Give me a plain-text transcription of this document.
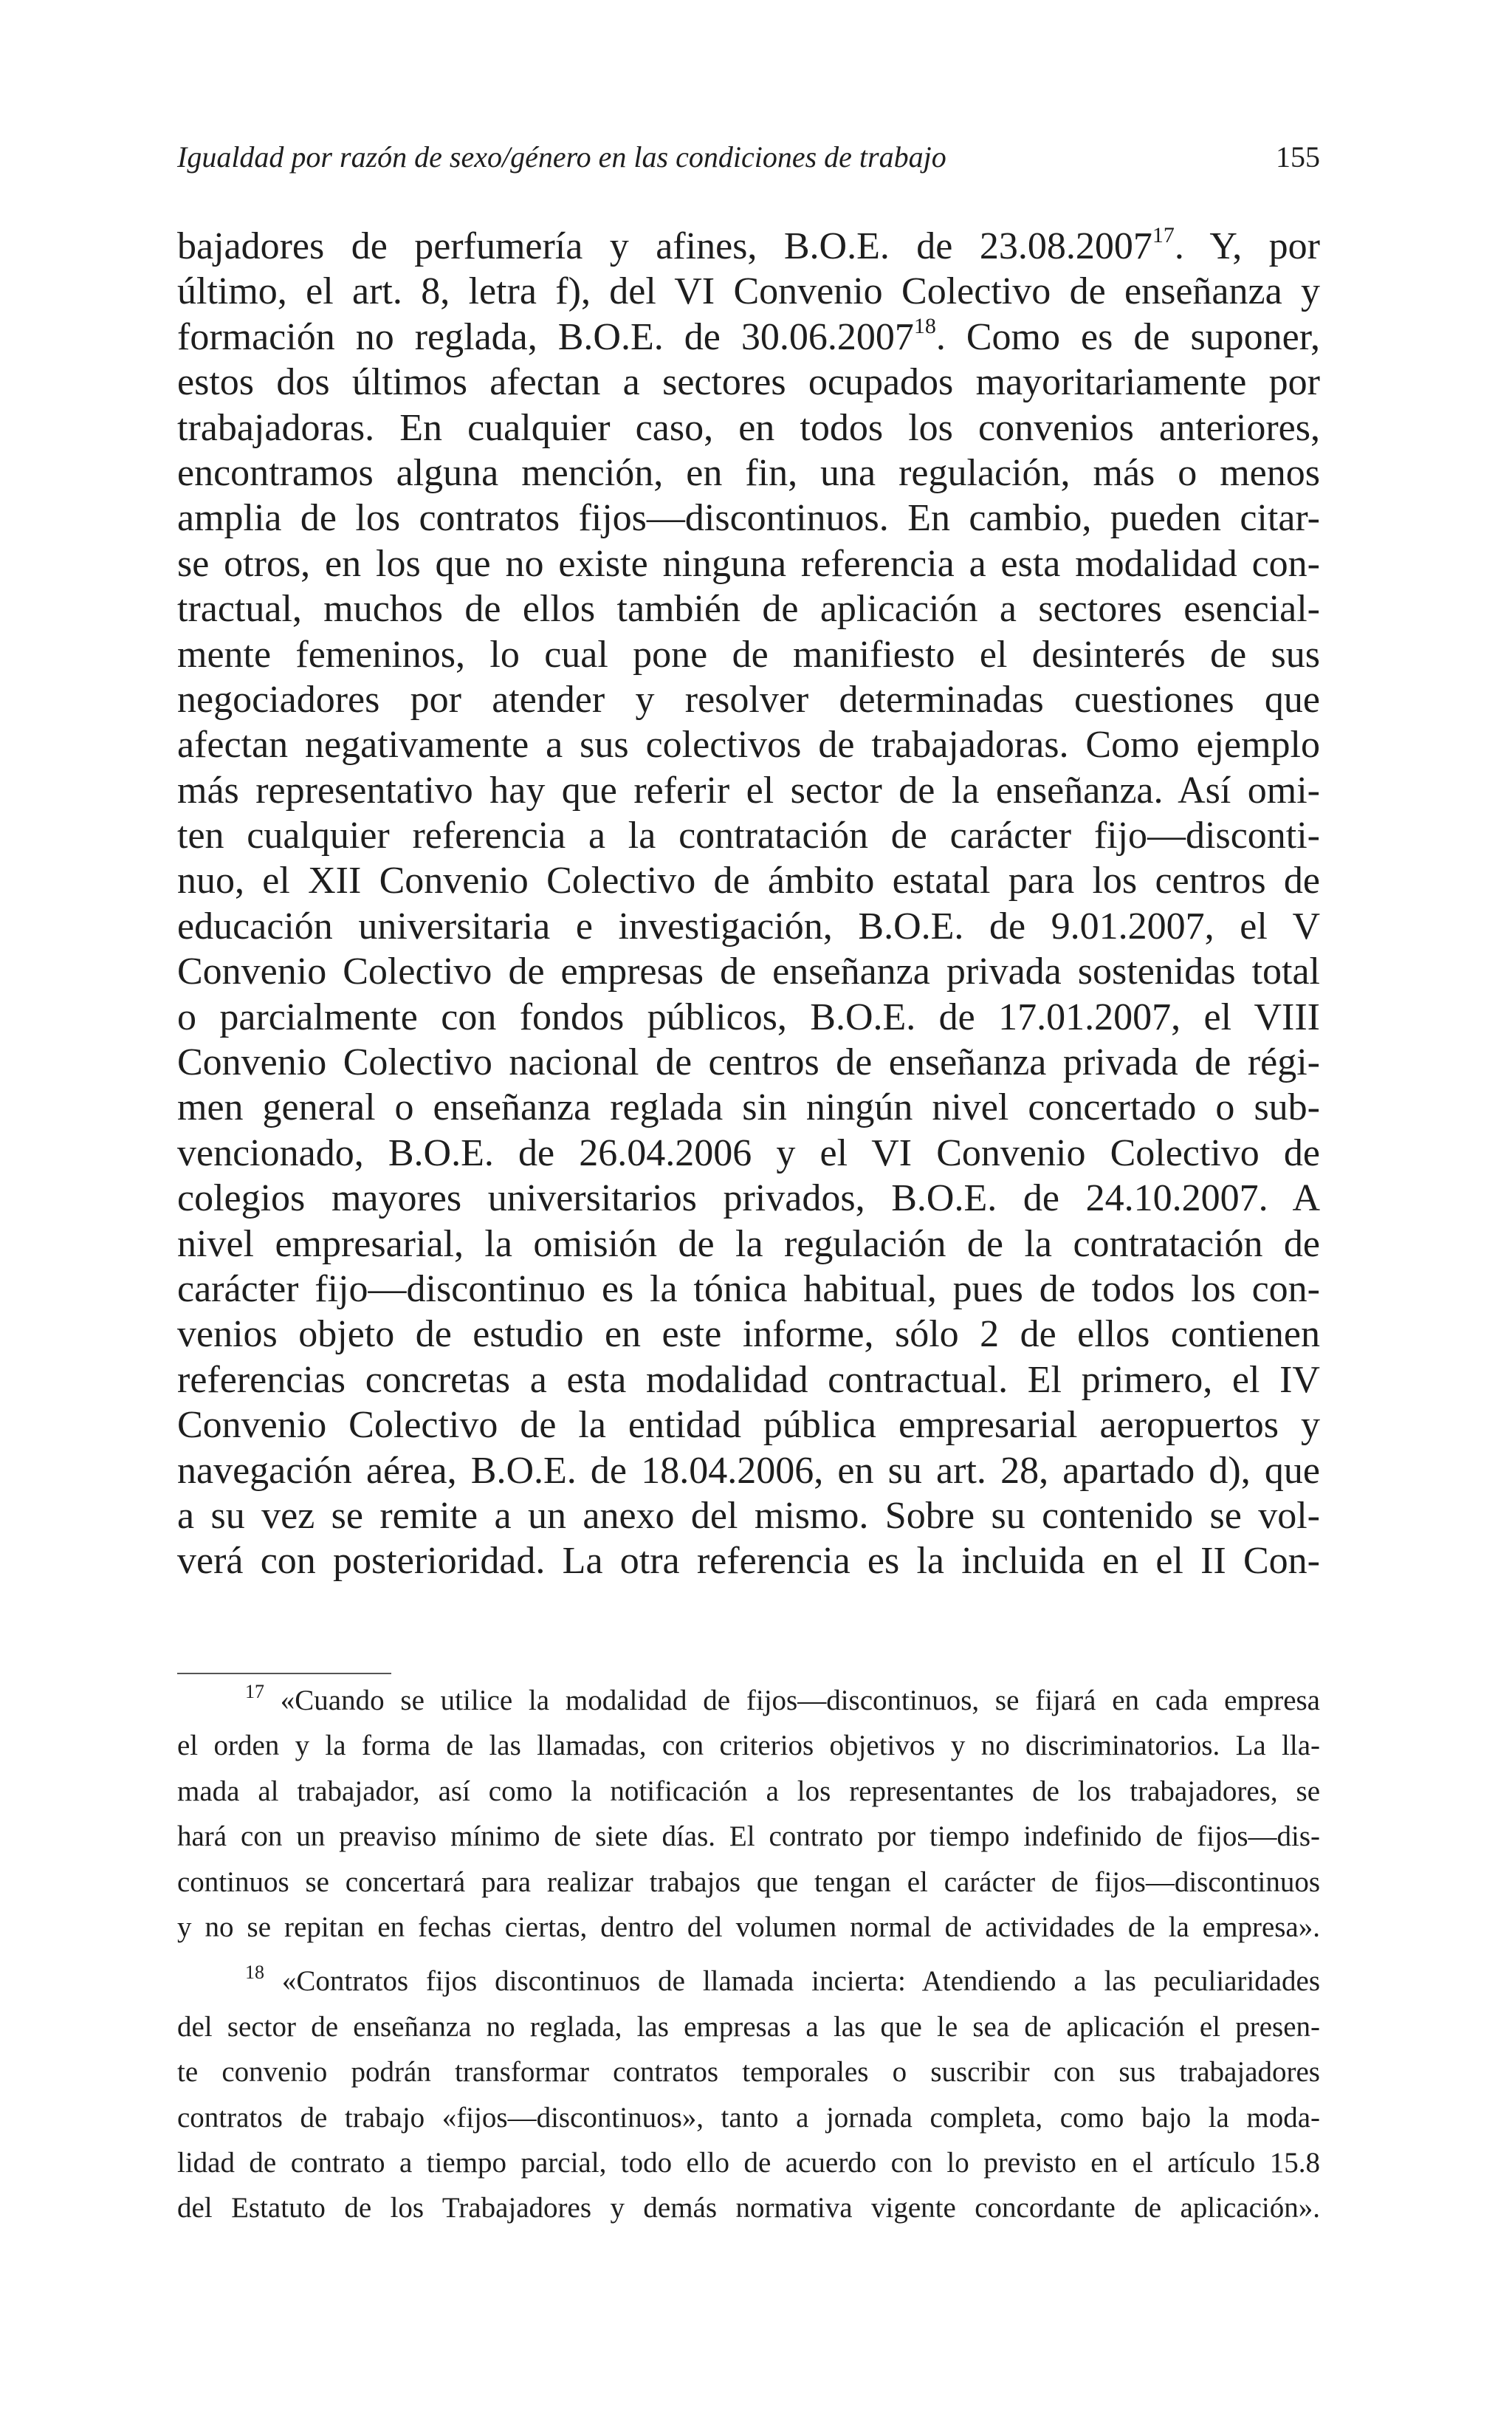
Igualdad por razón de sexo/género en las condiciones de trabajo	155
bajadores de perfumería y afines, B.O.E. de 23.08.2007$^{17}$. Y, por
último, el art. 8, letra f), del VI Convenio Colectivo de enseñanza y
formación no reglada, B.O.E. de 30.06.2007$^{18}$. Como es de suponer,
estos dos últimos afectan a sectores ocupados mayoritariamente por
trabajadoras. En cualquier caso, en todos los convenios anteriores,
encontramos alguna mención, en fin, una regulación, más o menos
amplia de los contratos fijos—discontinuos. En cambio, pueden citar-
se otros, en los que no existe ninguna referencia a esta modalidad con-
tractual, muchos de ellos también de aplicación a sectores esencial-
mente femeninos, lo cual pone de manifiesto el desinterés de sus
negociadores por atender y resolver determinadas cuestiones que
afectan negativamente a sus colectivos de trabajadoras. Como ejemplo
más representativo hay que referir el sector de la enseñanza. Así omi-
ten cualquier referencia a la contratación de carácter fijo—disconti-
nuo, el XII Convenio Colectivo de ámbito estatal para los centros de
educación universitaria e investigación, B.O.E. de 9.01.2007, el V
Convenio Colectivo de empresas de enseñanza privada sostenidas total
o parcialmente con fondos públicos, B.O.E. de 17.01.2007, el VIII
Convenio Colectivo nacional de centros de enseñanza privada de régi-
men general o enseñanza reglada sin ningún nivel concertado o sub-
vencionado, B.O.E. de 26.04.2006 y el VI Convenio Colectivo de
colegios mayores universitarios privados, B.O.E. de 24.10.2007. A
nivel empresarial, la omisión de la regulación de la contratación de
carácter fijo—discontinuo es la tónica habitual, pues de todos los con-
venios objeto de estudio en este informe, sólo 2 de ellos contienen
referencias concretas a esta modalidad contractual. El primero, el IV
Convenio Colectivo de la entidad pública empresarial aeropuertos y
navegación aérea, B.O.E. de 18.04.2006, en su art. 28, apartado d), que
a su vez se remite a un anexo del mismo. Sobre su contenido se vol-
verá con posterioridad. La otra referencia es la incluida en el II Con-
$^{17}$ «Cuando se utilice la modalidad de fijos—discontinuos, se fijará en cada empresa
el orden y la forma de las llamadas, con criterios objetivos y no discriminatorios. La lla-
mada al trabajador, así como la notificación a los representantes de los trabajadores, se
hará con un preaviso mínimo de siete días. El contrato por tiempo indefinido de fijos—dis-
continuos se concertará para realizar trabajos que tengan el carácter de fijos—discontinuos
y no se repitan en fechas ciertas, dentro del volumen normal de actividades de la empresa».
$^{18}$ «Contratos fijos discontinuos de llamada incierta: Atendiendo a las peculiaridades
del sector de enseñanza no reglada, las empresas a las que le sea de aplicación el presen-
te convenio podrán transformar contratos temporales o suscribir con sus trabajadores
contratos de trabajo «fijos—discontinuos», tanto a jornada completa, como bajo la moda-
lidad de contrato a tiempo parcial, todo ello de acuerdo con lo previsto en el artículo 15.8
del Estatuto de los Trabajadores y demás normativa vigente concordante de aplicación».
